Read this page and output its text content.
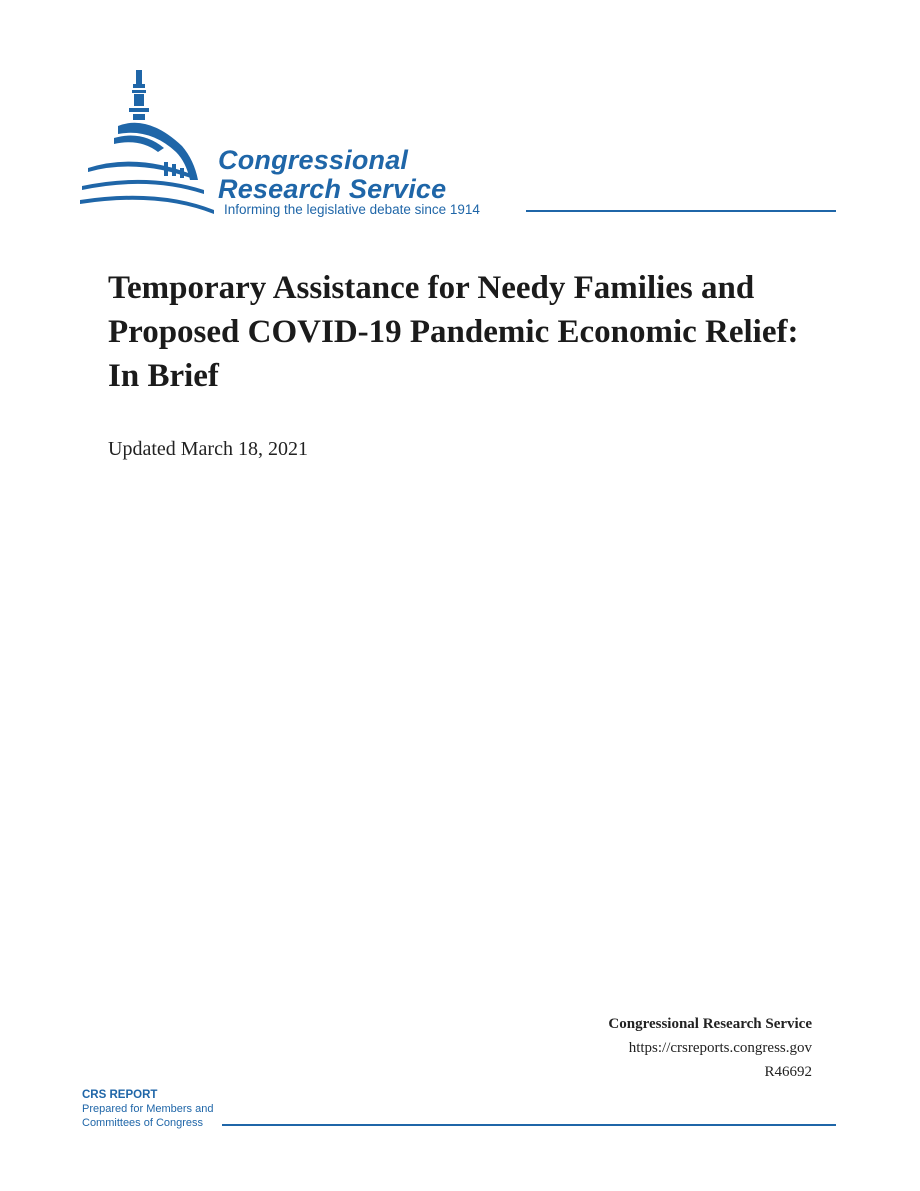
Congressional
Research Service
Informing the legislative debate since 1914
Temporary Assistance for Needy Families and Proposed COVID-19 Pandemic Economic Relief: In Brief
Updated March 18, 2021
Congressional Research Service
https://crsreports.congress.gov
R46692
CRS REPORT
Prepared for Members and
Committees of Congress
